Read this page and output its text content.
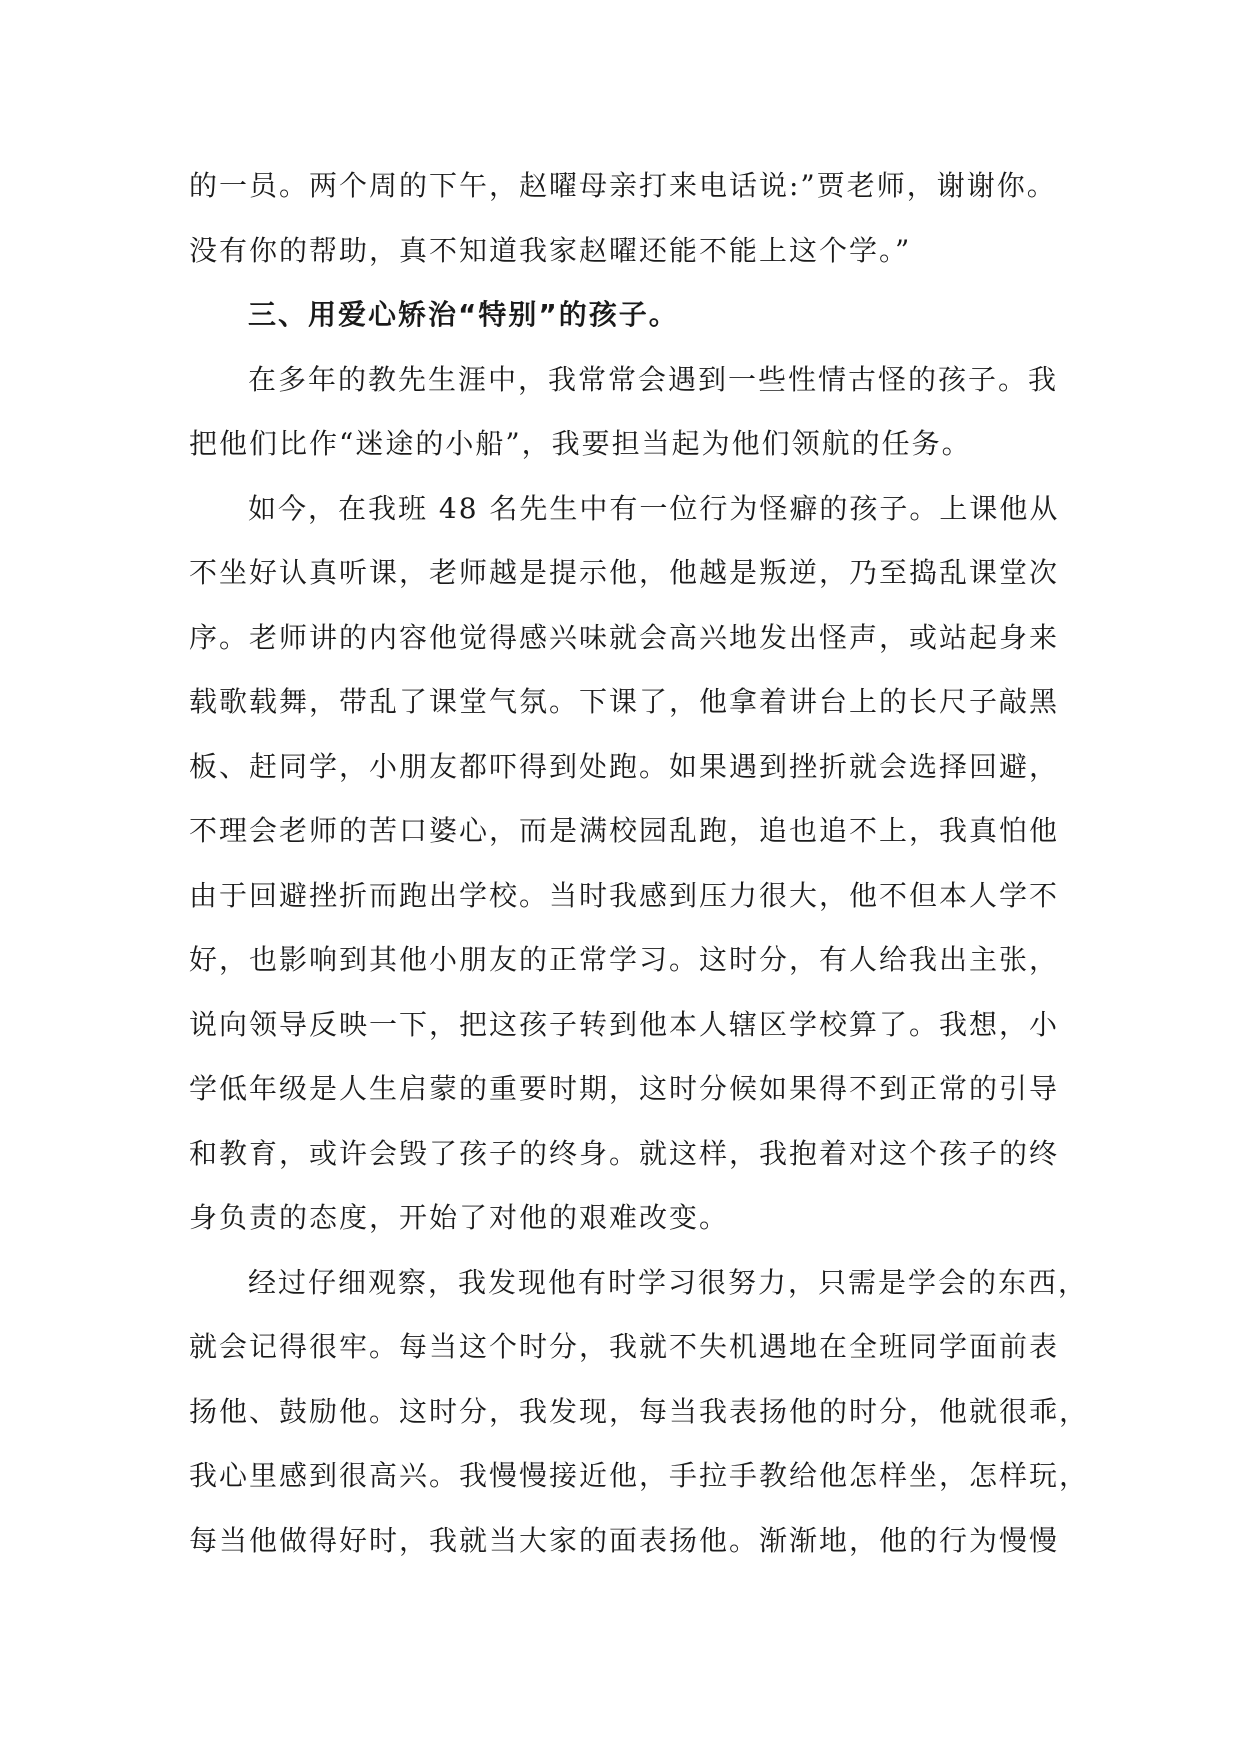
的一员。两个周的下午，赵曜母亲打来电话说:”贾老师，谢谢你。
没有你的帮助，真不知道我家赵曜还能不能上这个学。”
三、用爱心矫治“特别”的孩子。
在多年的教先生涯中，我常常会遇到一些性情古怪的孩子。我
把他们比作“迷途的小船”，我要担当起为他们领航的任务。
如今，在我班 48 名先生中有一位行为怪癖的孩子。上课他从
不坐好认真听课，老师越是提示他，他越是叛逆，乃至捣乱课堂次
序。老师讲的内容他觉得感兴味就会高兴地发出怪声，或站起身来
载歌载舞，带乱了课堂气氛。下课了，他拿着讲台上的长尺子敲黑
板、赶同学，小朋友都吓得到处跑。如果遇到挫折就会选择回避，
不理会老师的苦口婆心，而是满校园乱跑，追也追不上，我真怕他
由于回避挫折而跑出学校。当时我感到压力很大，他不但本人学不
好，也影响到其他小朋友的正常学习。这时分，有人给我出主张，
说向领导反映一下，把这孩子转到他本人辖区学校算了。我想，小
学低年级是人生启蒙的重要时期，这时分候如果得不到正常的引导
和教育，或许会毁了孩子的终身。就这样，我抱着对这个孩子的终
身负责的态度，开始了对他的艰难改变。
经过仔细观察，我发现他有时学习很努力，只需是学会的东西，
就会记得很牢。每当这个时分，我就不失机遇地在全班同学面前表
扬他、鼓励他。这时分，我发现，每当我表扬他的时分，他就很乖，
我心里感到很高兴。我慢慢接近他，手拉手教给他怎样坐，怎样玩，
每当他做得好时，我就当大家的面表扬他。渐渐地，他的行为慢慢
